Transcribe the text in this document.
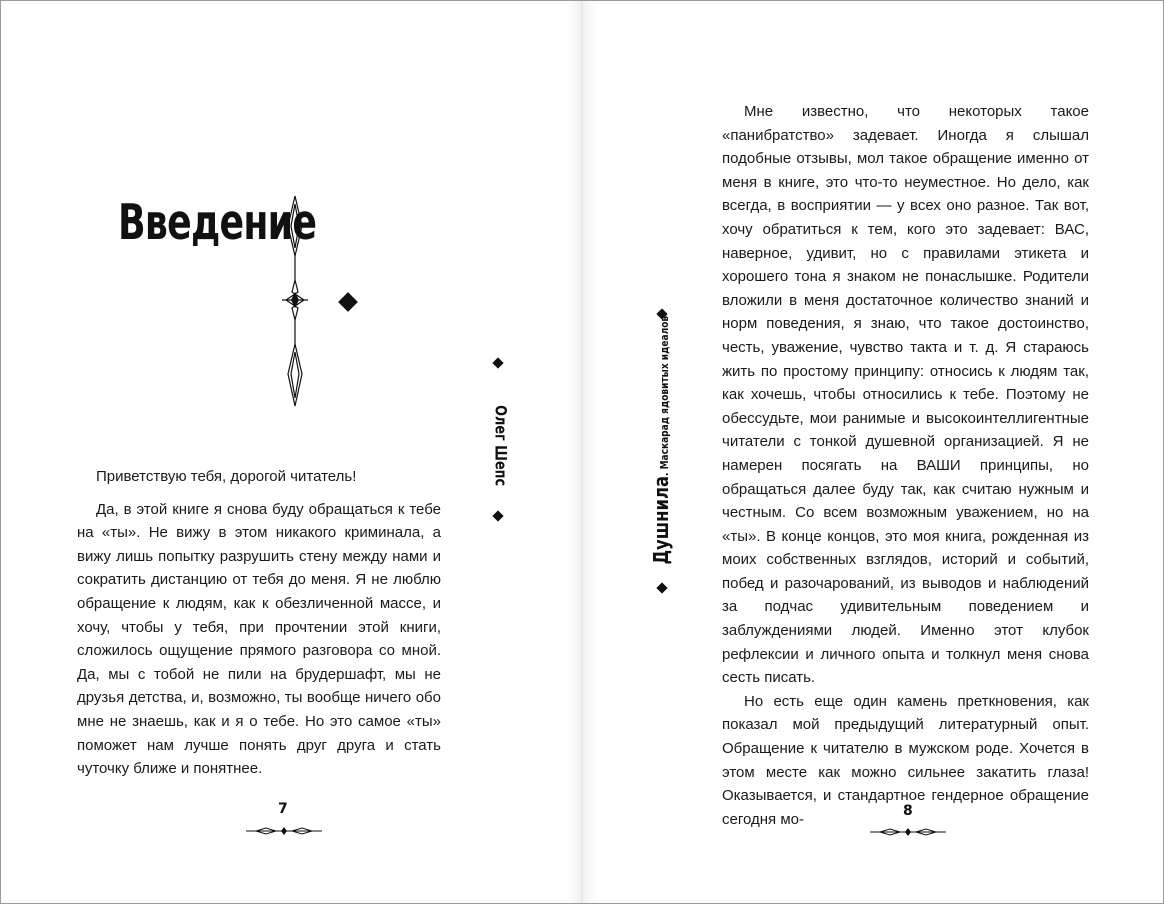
Введение
Олег Шепс

Приветствую тебя, дорогой читатель!

Да, в этой книге я снова буду обращаться к тебе на «ты». Не вижу в этом никакого криминала, а вижу лишь попытку разрушить стену между нами и сократить дистанцию от тебя до меня. Я не люблю обращение к людям, как к обезличенной массе, и хочу, чтобы у тебя, при прочтении этой книги, сложилось ощущение прямого разговора со мной. Да, мы с тобой не пили на брудершафт, мы не друзья детства, и, возможно, ты вообще ничего обо мне не знаешь, как и я о тебе. Но это самое «ты» поможет нам лучше понять друг друга и стать чуточку ближе и понятнее.

7
Душнила. Маскарад ядовитых идеалов

Мне известно, что некоторых такое «панибратство» задевает. Иногда я слышал подобные отзывы, мол такое обращение именно от меня в книге, это что-то неуместное. Но дело, как всегда, в восприятии — у всех оно разное. Так вот, хочу обратиться к тем, кого это задевает: ВАС, наверное, удивит, но с правилами этикета и хорошего тона я знаком не понаслышке. Родители вложили в меня достаточное количество знаний и норм поведения, я знаю, что такое достоинство, честь, уважение, чувство такта и т. д. Я стараюсь жить по простому принципу: относись к людям так, как хочешь, чтобы относились к тебе. Поэтому не обессудьте, мои ранимые и высокоинтеллигентные читатели с тонкой душевной организацией. Я не намерен посягать на ВАШИ принципы, но обращаться далее буду так, как считаю нужным и честным. Со всем возможным уважением, но на «ты». В конце концов, это моя книга, рожденная из моих собственных взглядов, историй и событий, побед и разочарований, из выводов и наблюдений за подчас удивительным поведением и заблуждениями людей. Именно этот клубок рефлексии и личного опыта и толкнул меня снова сесть писать.

Но есть еще один камень преткновения, как показал мой предыдущий литературный опыт. Обращение к читателю в мужском роде. Хочется в этом месте как можно сильнее закатить глаза! Оказывается, и стандартное гендерное обращение сегодня мо-	8
